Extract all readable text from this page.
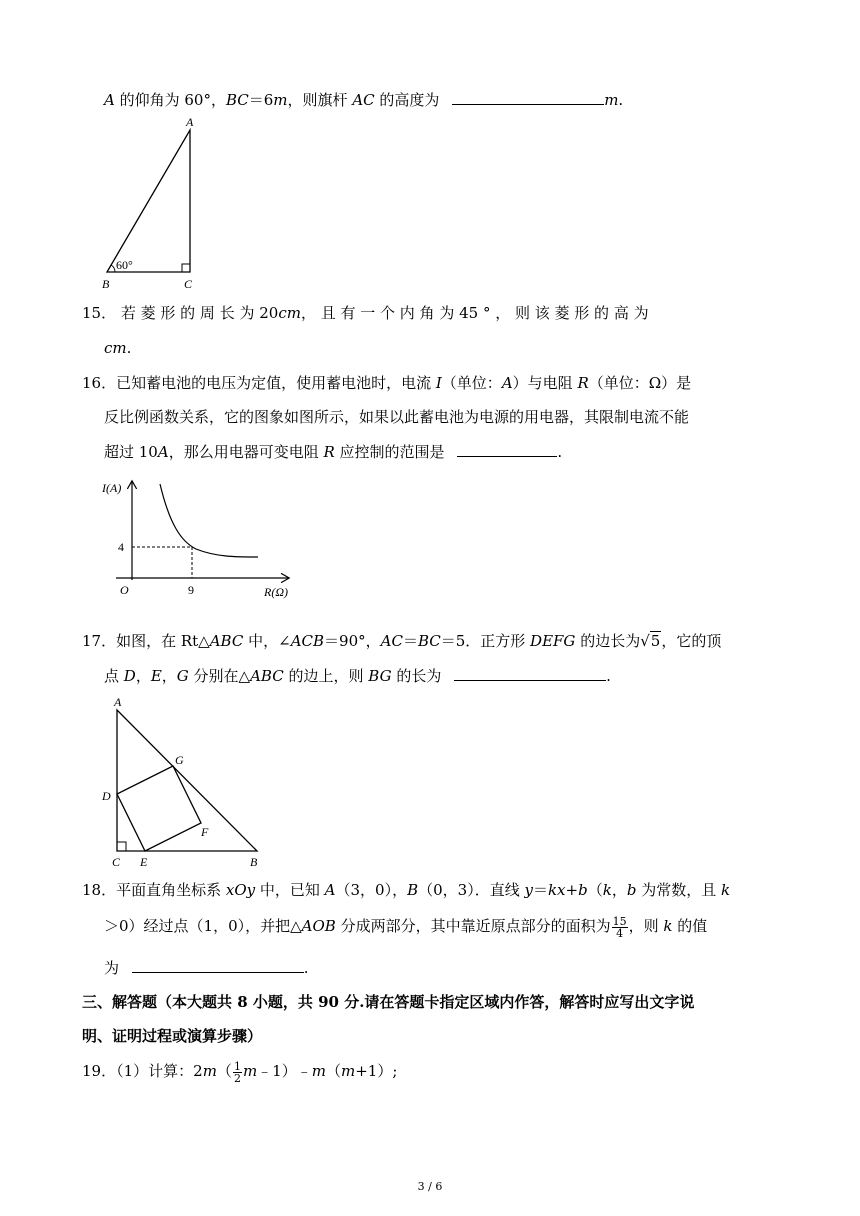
A 的仰角为 60°，BC＝6m，则旗杆 AC 的高度为	m.
A
B	C
60°
15． 若 菱 形 的 周 长 为 20cm， 且 有 一 个 内 角 为 45 ° ， 则 该 菱 形 的 高 为
cm.
16．已知蓄电池的电压为定值，使用蓄电池时，电流 I（单位：A）与电阻 R（单位：Ω）是
反比例函数关系，它的图象如图所示，如果以此蓄电池为电源的用电器，其限制电流不能
超过 10A，那么用电器可变电阻 R 应控制的范围是	.
I(A)
R(Ω)
O
4
9
17．如图，在 Rt△ABC 中，∠ACB＝90°，AC＝BC＝5．正方形 DEFG 的边长为√5，它的顶
点 D，E，G 分别在△ABC 的边上，则 BG 的长为	.
A
G
D
F
C E	B
18．平面直角坐标系 xOy 中，已知 A（3，0），B（0，3）．直线 y＝kx+b（k，b 为常数，且 k
＞0）经过点（1，0），并把△AOB 分成两部分，其中靠近原点部分的面积为 $\frac{15}{4}$ ，则 k 的值
为	.
三、解答题（本大题共 8 小题，共 90 分.请在答题卡指定区域内作答，解答时应写出文字说
明、证明过程或演算步骤）
19．（1）计算：$2m( \frac{1}{2}$ m﹣1）﹣m（m+1）;
3 / 6
